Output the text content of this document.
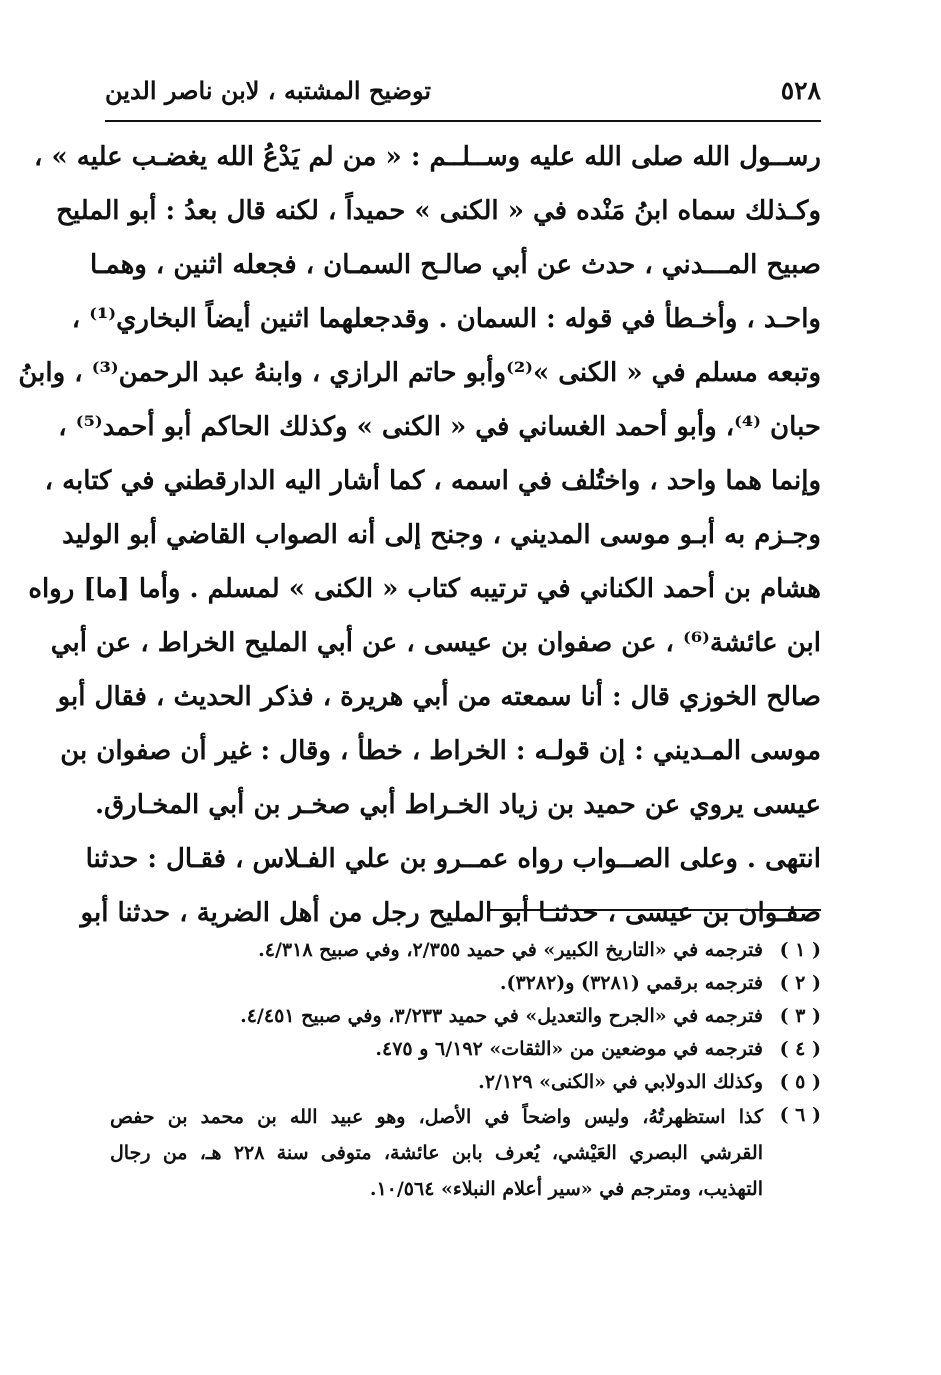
٥٢٨
توضيح المشتبه ، لابن ناصر الدين
رســول الله صلى الله عليه وســلــم : « من لم يَدْعُ الله يغضـب عليه » ،
وكـذلك سماه ابنُ مَنْده في « الكنى » حميداً ، لكنه قال بعدُ : أبو المليح
صبيح المـــدني ، حدث عن أبي صالـح السمـان ، فجعله اثنين ، وهمـا
واحـد ، وأخـطأ في قوله : السمان . وقدجعلهما اثنين أيضاً البخاري⁽¹⁾ ،
وتبعه مسلم في « الكنى »⁽²⁾وأبو حاتم الرازي ، وابنهُ عبد الرحمن⁽³⁾ ، وابنُ
حبان ⁽⁴⁾، وأبو أحمد الغساني في « الكنى » وكذلك الحاكم أبو أحمد⁽⁵⁾ ،
وإنما هما واحد ، واختُلف في اسمه ، كما أشار اليه الدارقطني في كتابه ،
وجـزم به أبـو موسى المديني ، وجنح إلى أنه الصواب القاضي أبو الوليد
هشام بن أحمد الكناني في ترتيبه كتاب « الكنى » لمسلم . وأما [ما] رواه
ابن عائشة⁽⁶⁾ ، عن صفوان بن عيسى ، عن أبي المليح الخراط ، عن أبي
صالح الخوزي قال : أنا سمعته من أبي هريرة ، فذكر الحديث ، فقال أبو
موسى المـديني : إن قولـه : الخراط ، خطأ ، وقال : غير أن صفوان بن
عيسى يروي عن حميد بن زياد الخـراط أبي صخـر بن أبي المخـارق.
انتهى . وعلى الصــواب رواه عمــرو بن علي الفـلاس ، فقـال : حدثنا
صفـوان بن عيسى ، حدثنـا أبو المليح رجل من أهل الضرية ، حدثنا أبو
( ١ )
فترجمه في «التاريخ الكبير» في حميد ٢/٣٥٥، وفي صبيح ٤/٣١٨.
( ٢ )
فترجمه برقمي (٣٢٨١) و(٣٢٨٢).
( ٣ )
فترجمه في «الجرح والتعديل» في حميد ٣/٢٣٣، وفي صبيح ٤/٤٥١.
( ٤ )
فترجمه في موضعين من «الثقات» ٦/١٩٢ و ٤٧٥.
( ٥ )
وكذلك الدولابي في «الكنى» ٢/١٢٩.
( ٦ )
كذا استظهرتُهُ، وليس واضحاً في الأصل، وهو عبيد الله بن محمد بن حفص
القرشي البصري العَيْشي، يُعرف بابن عائشة، متوفى سنة ٢٢٨ هـ، من رجال
التهذيب، ومترجم في «سير أعلام النبلاء» ١٠/٥٦٤.
